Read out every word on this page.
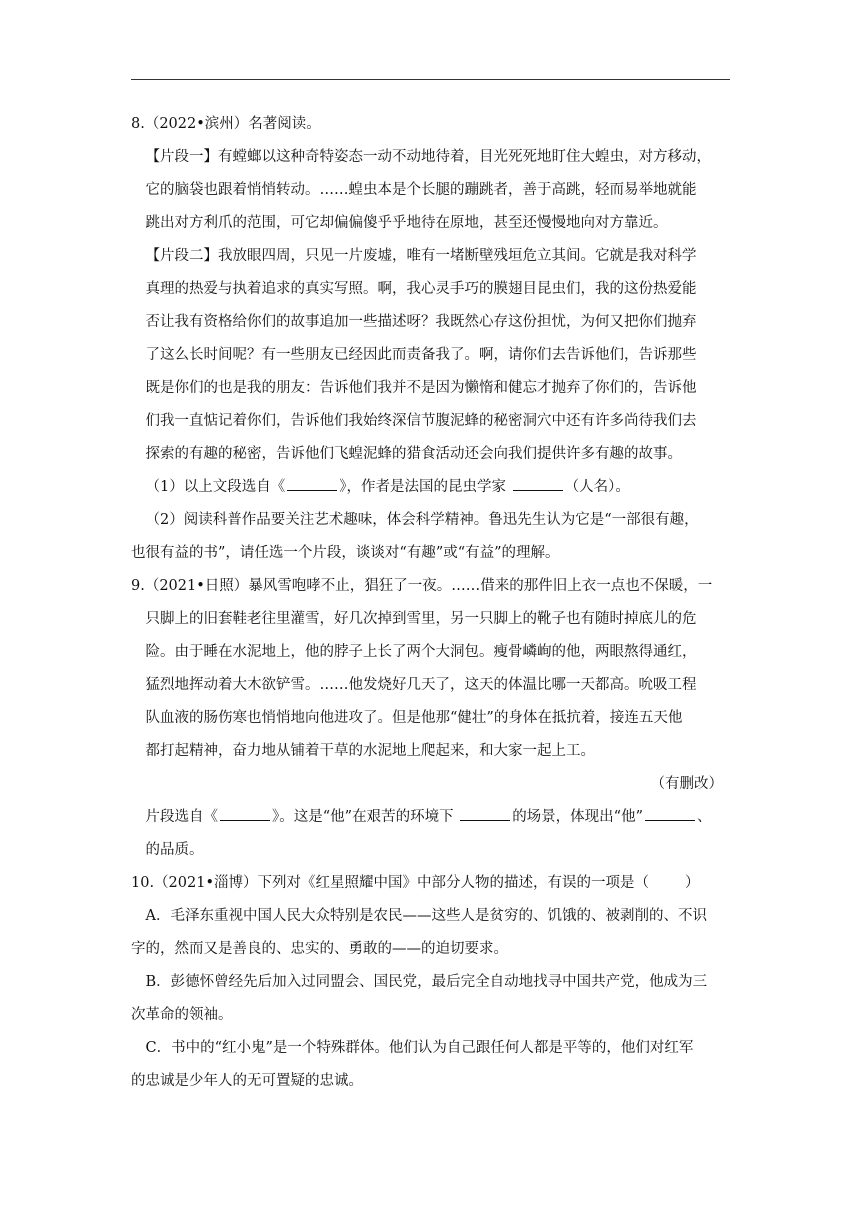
8.（2022•滨州）名著阅读。

【片段一】有螳螂以这种奇特姿态一动不动地待着，目光死死地盯住大蝗虫，对方移动，

它的脑袋也跟着悄悄转动。……蝗虫本是个长腿的蹦跳者，善于高跳，轻而易举地就能

跳出对方利爪的范围，可它却偏偏傻乎乎地待在原地，甚至还慢慢地向对方靠近。

【片段二】我放眼四周，只见一片废墟，唯有一堵断壁残垣危立其间。它就是我对科学

真理的热爱与执着追求的真实写照。啊，我心灵手巧的膜翅目昆虫们，我的这份热爱能

否让我有资格给你们的故事追加一些描述呀？我既然心存这份担忧，为何又把你们抛弃

了这么长时间呢？有一些朋友已经因此而责备我了。啊，请你们去告诉他们，告诉那些

既是你们的也是我的朋友：告诉他们我并不是因为懒惰和健忘才抛弃了你们的，告诉他

们我一直惦记着你们，告诉他们我始终深信节腹泥蜂的秘密洞穴中还有许多尚待我们去

探索的有趣的秘密，告诉他们飞蝗泥蜂的猎食活动还会向我们提供许多有趣的故事。

（1）以上文段选自《	》，作者是法国的昆虫学家	（人名）。

（2）阅读科普作品要关注艺术趣味，体会科学精神。鲁迅先生认为它是“一部很有趣，

也很有益的书”，请任选一个片段，谈谈对“有趣”或“有益”的理解。

9.（2021•日照）暴风雪咆哮不止，猖狂了一夜。……借来的那件旧上衣一点也不保暖，一

只脚上的旧套鞋老往里灌雪，好几次掉到雪里，另一只脚上的靴子也有随时掉底儿的危

险。由于睡在水泥地上，他的脖子上长了两个大洞包。瘦骨嶙峋的他，两眼熬得通红，

猛烈地挥动着大木欲铲雪。……他发烧好几天了，这天的体温比哪一天都高。吮吸工程

队血液的肠伤寒也悄悄地向他进攻了。但是他那“健壮”的身体在抵抗着，接连五天他

都打起精神，奋力地从铺着干草的水泥地上爬起来，和大家一起上工。

（有删改）

片段选自《	》。这是“他”在艰苦的环境下	的场景，体现出“他”	、

的品质。

10.（2021•淄博）下列对《红星照耀中国》中部分人物的描述，有误的一项是（ ）

A．毛泽东重视中国人民大众特别是农民——这些人是贫穷的、饥饿的、被剥削的、不识

字的，然而又是善良的、忠实的、勇敢的——的迫切要求。

B．彭德怀曾经先后加入过同盟会、国民党，最后完全自动地找寻中国共产党，他成为三

次革命的领袖。

C．书中的“红小鬼”是一个特殊群体。他们认为自己跟任何人都是平等的，他们对红军

的忠诚是少年人的无可置疑的忠诚。
